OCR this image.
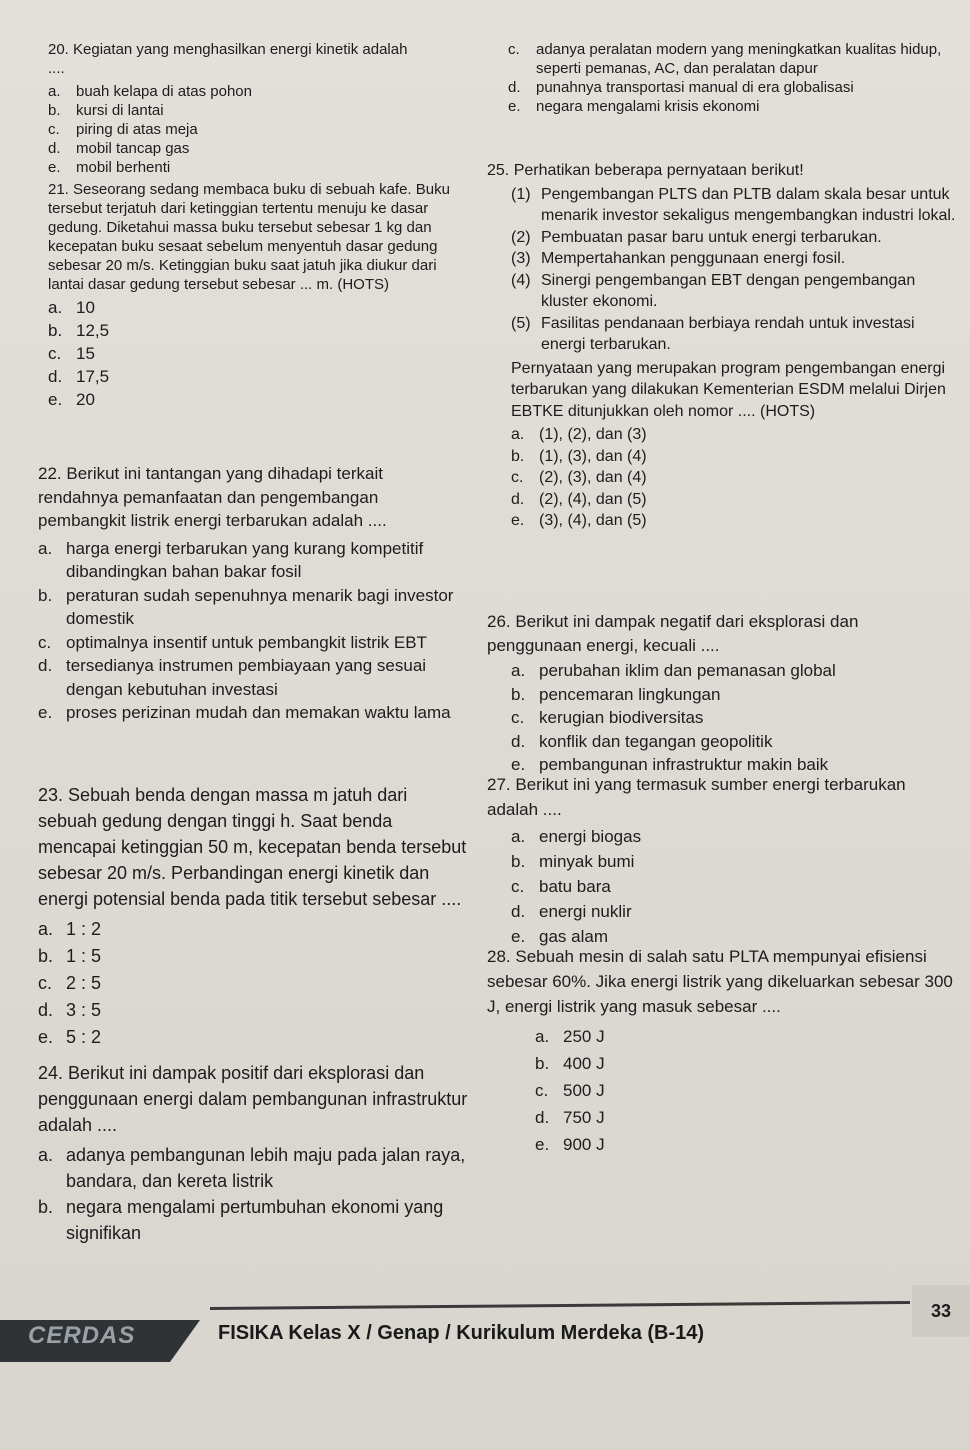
20. Kegiatan yang menghasilkan energi kinetik adalah ....
a.	buah kelapa di atas pohon
b.	kursi di lantai
c.	piring di atas meja
d.	mobil tancap gas
e.	mobil berhenti
21. Seseorang sedang membaca buku di sebuah kafe. Buku tersebut terjatuh dari ketinggian tertentu menuju ke dasar gedung. Diketahui massa buku tersebut sebesar 1 kg dan kecepatan buku sesaat sebelum menyentuh dasar gedung sebesar 20 m/s. Ketinggian buku saat jatuh jika diukur dari lantai dasar gedung tersebut sebesar ... m. (HOTS)
a. 10
b. 12,5
c. 15
d. 17,5
e. 20
22. Berikut ini tantangan yang dihadapi terkait rendahnya pemanfaatan dan pengembangan pembangkit listrik energi terbarukan adalah ....
a. harga energi terbarukan yang kurang kompetitif dibandingkan bahan bakar fosil
b. peraturan sudah sepenuhnya menarik bagi investor domestik
c. optimalnya insentif untuk pembangkit listrik EBT
d. tersedianya instrumen pembiayaan yang sesuai dengan kebutuhan investasi
e. proses perizinan mudah dan memakan waktu lama
23. Sebuah benda dengan massa m jatuh dari sebuah gedung dengan tinggi h. Saat benda mencapai ketinggian 50 m, kecepatan benda tersebut sebesar 20 m/s. Perbandingan energi kinetik dan energi potensial benda pada titik tersebut sebesar ....
a. 1 : 2
b. 1 : 5
c. 2 : 5
d. 3 : 5
e. 5 : 2
24. Berikut ini dampak positif dari eksplorasi dan penggunaan energi dalam pembangunan infrastruktur adalah ....
a. adanya pembangunan lebih maju pada jalan raya, bandara, dan kereta listrik
b. negara mengalami pertumbuhan ekonomi yang signifikan
c.	adanya peralatan modern yang meningkatkan kualitas hidup, seperti pemanas, AC, dan peralatan dapur
d.	punahnya transportasi manual di era globalisasi
e.	negara mengalami krisis ekonomi
25. Perhatikan beberapa pernyataan berikut!
(1) Pengembangan PLTS dan PLTB dalam skala besar untuk menarik investor sekaligus mengembangkan industri lokal.
(2) Pembuatan pasar baru untuk energi terbarukan.
(3) Mempertahankan penggunaan energi fosil.
(4) Sinergi pengembangan EBT dengan pengembangan kluster ekonomi.
(5) Fasilitas pendanaan berbiaya rendah untuk investasi energi terbarukan.
Pernyataan yang merupakan program pengembangan energi terbarukan yang dilakukan Kementerian ESDM melalui Dirjen EBTKE ditunjukkan oleh nomor .... (HOTS)
a. (1), (2), dan (3)
b. (1), (3), dan (4)
c. (2), (3), dan (4)
d. (2), (4), dan (5)
e. (3), (4), dan (5)
26. Berikut ini dampak negatif dari eksplorasi dan penggunaan energi, kecuali ....
a. perubahan iklim dan pemanasan global
b. pencemaran lingkungan
c. kerugian biodiversitas
d. konflik dan tegangan geopolitik
e. pembangunan infrastruktur makin baik
27. Berikut ini yang termasuk sumber energi terbarukan adalah ....
a. energi biogas
b. minyak bumi
c. batu bara
d. energi nuklir
e. gas alam
28. Sebuah mesin di salah satu PLTA mempunyai efisiensi sebesar 60%. Jika energi listrik yang dikeluarkan sebesar 300 J, energi listrik yang masuk sebesar ....
a. 250 J
b. 400 J
c. 500 J
d. 750 J
e. 900 J
CERDAS	FISIKA Kelas X / Genap / Kurikulum Merdeka (B-14)
33
